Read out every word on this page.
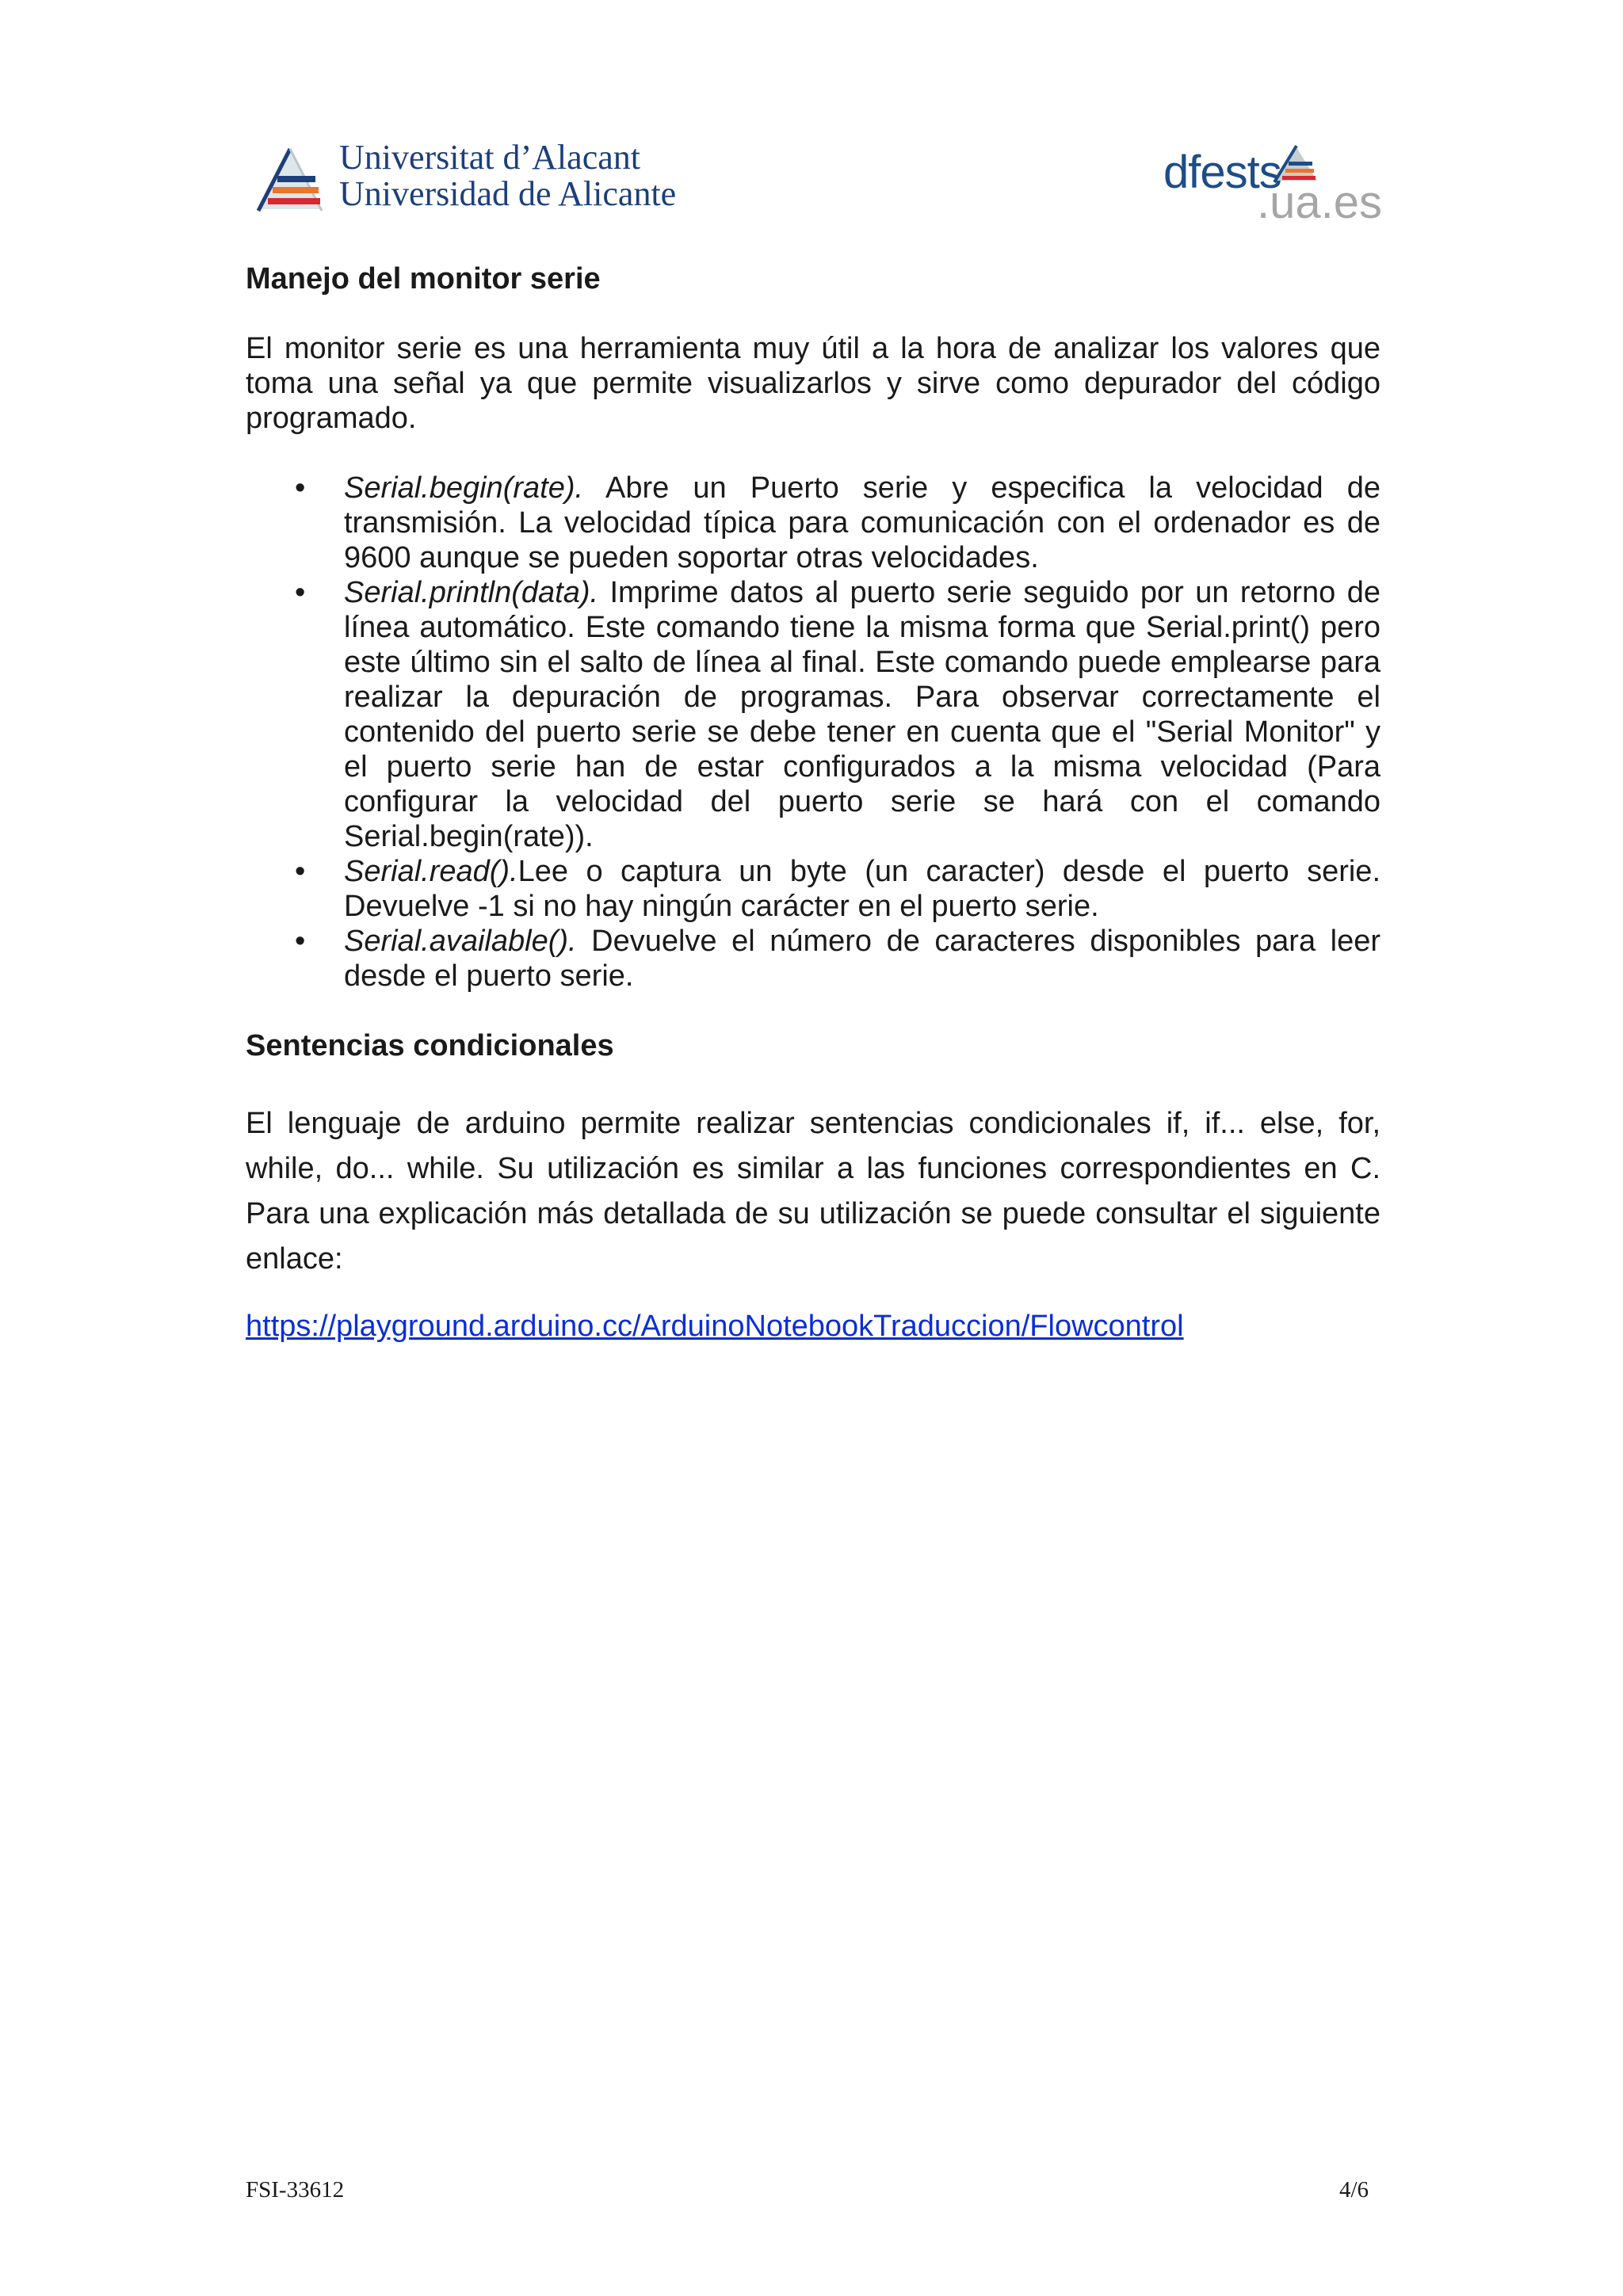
Universitat d’Alacant
Universidad de Alicante	dfests
.ua.es
Manejo del monitor serie

El monitor serie es una herramienta muy útil a la hora de analizar los valores que toma una señal ya que permite visualizarlos y sirve como depurador del código programado.

• Serial.begin(rate). Abre un Puerto serie y especifica la velocidad de transmisión. La velocidad típica para comunicación con el ordenador es de 9600 aunque se pueden soportar otras velocidades.
• Serial.println(data). Imprime datos al puerto serie seguido por un retorno de línea automático. Este comando tiene la misma forma que Serial.print() pero este último sin el salto de línea al final. Este comando puede emplearse para realizar la depuración de programas. Para observar correctamente el contenido del puerto serie se debe tener en cuenta que el "Serial Monitor" y el puerto serie han de estar configurados a la misma velocidad (Para configurar la velocidad del puerto serie se hará con el comando Serial.begin(rate)).
• Serial.read().Lee o captura un byte (un caracter) desde el puerto serie. Devuelve -1 si no hay ningún carácter en el puerto serie.
• Serial.available(). Devuelve el número de caracteres disponibles para leer desde el puerto serie.
Sentencias condicionales

El lenguaje de arduino permite realizar sentencias condicionales if, if... else, for, while, do... while. Su utilización es similar a las funciones correspondientes en C. Para una explicación más detallada de su utilización se puede consultar el siguiente enlace:

https://playground.arduino.cc/ArduinoNotebookTraduccion/Flowcontrol

FSI-33612	4/6
